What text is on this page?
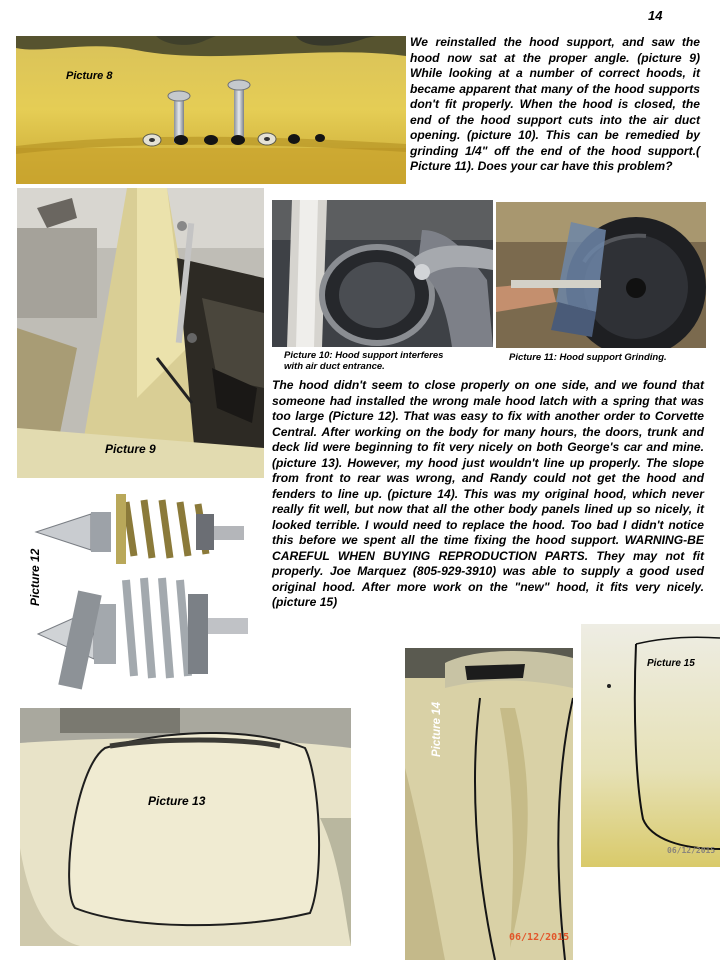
14
Picture 8

We reinstalled the hood support, and saw the hood now sat at the proper angle. (picture 9) While looking at a number of correct hoods, it became apparent that many of the hood supports don't fit properly. When the hood is closed, the end of the hood support cuts into the air duct opening. (picture 10). This can be remedied by grinding 1/4" off the end of the hood support.( Picture 11). Does your car have this problem?

Picture 9
Picture 10: Hood support interferes
with air duct entrance.
Picture 11: Hood support Grinding.

The hood didn't seem to close properly on one side, and we found that someone had installed the wrong male hood latch with a spring that was too large (Picture 12). That was easy to fix with another order to Corvette Central. After working on the body for many hours, the doors, trunk and deck lid were beginning to fit very nicely on both George's car and mine. (picture 13). However, my hood just wouldn't line up properly. The slope from front to rear was wrong, and Randy could not get the hood and fenders to line up. (picture 14). This was my original hood, which never really fit well, but now that all the other body panels lined up so nicely, it looked terrible. I would need to replace the hood. Too bad I didn't notice this before we spent all the time fixing the hood support. WARNING-BE CAREFUL WHEN BUYING REPRODUCTION PARTS. They may not fit properly. Joe Marquez (805-929-3910) was able to supply a good used original hood. After more work on the "new" hood, it fits very nicely. (picture 15)

Picture 12
Picture 13
06/12/2015
Picture 14
Picture 15
06/12/2015
